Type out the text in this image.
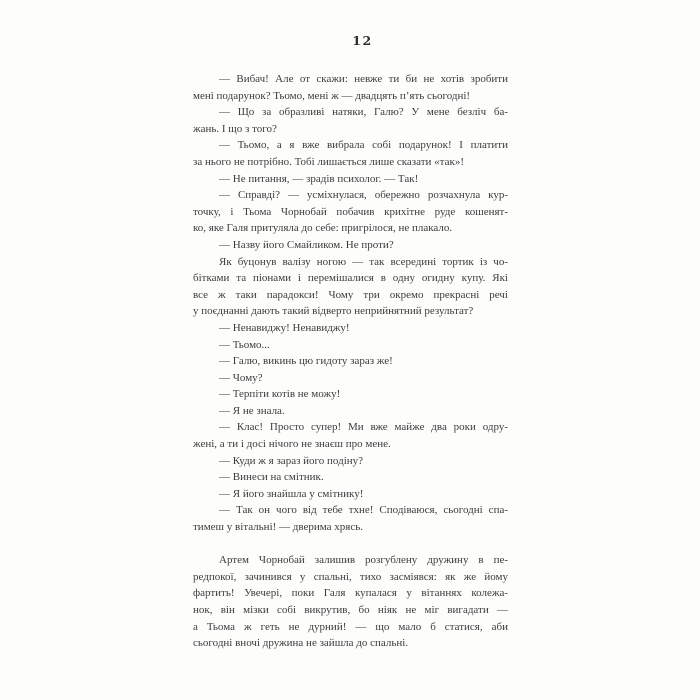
12
— Вибач! Але от скажи: невже ти би не хотів зробити
мені подарунок? Тьомо, мені ж — двадцять п’ять сьогодні!
— Що за образливі натяки, Галю? У мене безліч ба-
жань. І що з того?
— Тьомо, а я вже вибрала собі подарунок! І платити
за нього не потрібно. Тобі лишається лише сказати «так»!
— Не питання, — зрадів психолог. — Так!
— Справді? — усміхнулася, обережно розчахнула кур-
точку, і Тьома Чорнобай побачив крихітне руде кошенят-
ко, яке Галя притуляла до себе: пригрілося, не плакало.
— Назву його Смайликом. Не проти?
Як буцонув валізу ногою — так всередині тортик із чо-
бітками та піонами і перемішалися в одну огидну купу. Які
все ж таки парадокси! Чому три окремо прекрасні речі
у поєднанні дають такий відверто неприйнятний результат?
— Ненавиджу! Ненавиджу!
— Тьомо...
— Галю, викинь цю гидоту зараз же!
— Чому?
— Терпіти котів не можу!
— Я не знала.
— Клас! Просто супер! Ми вже майже два роки одру-
жені, а ти і досі нічого не знаєш про мене.
— Куди ж я зараз його подіну?
— Винеси на смітник.
— Я його знайшла у смітнику!
— Так он чого від тебе тхне! Сподіваюся, сьогодні спа-
тимеш у вітальні! — дверима хрясь.
Артем Чорнобай залишив розгублену дружину в пе-
редпокої, зачинився у спальні, тихо засміявся: як же йому
фартить! Увечері, поки Галя купалася у вітаннях колежа-
нок, він мізки собі викрутив, бо ніяк не міг вигадати —
а Тьома ж геть не дурний! — що мало б статися, аби
сьогодні вночі дружина не зайшла до спальні.
